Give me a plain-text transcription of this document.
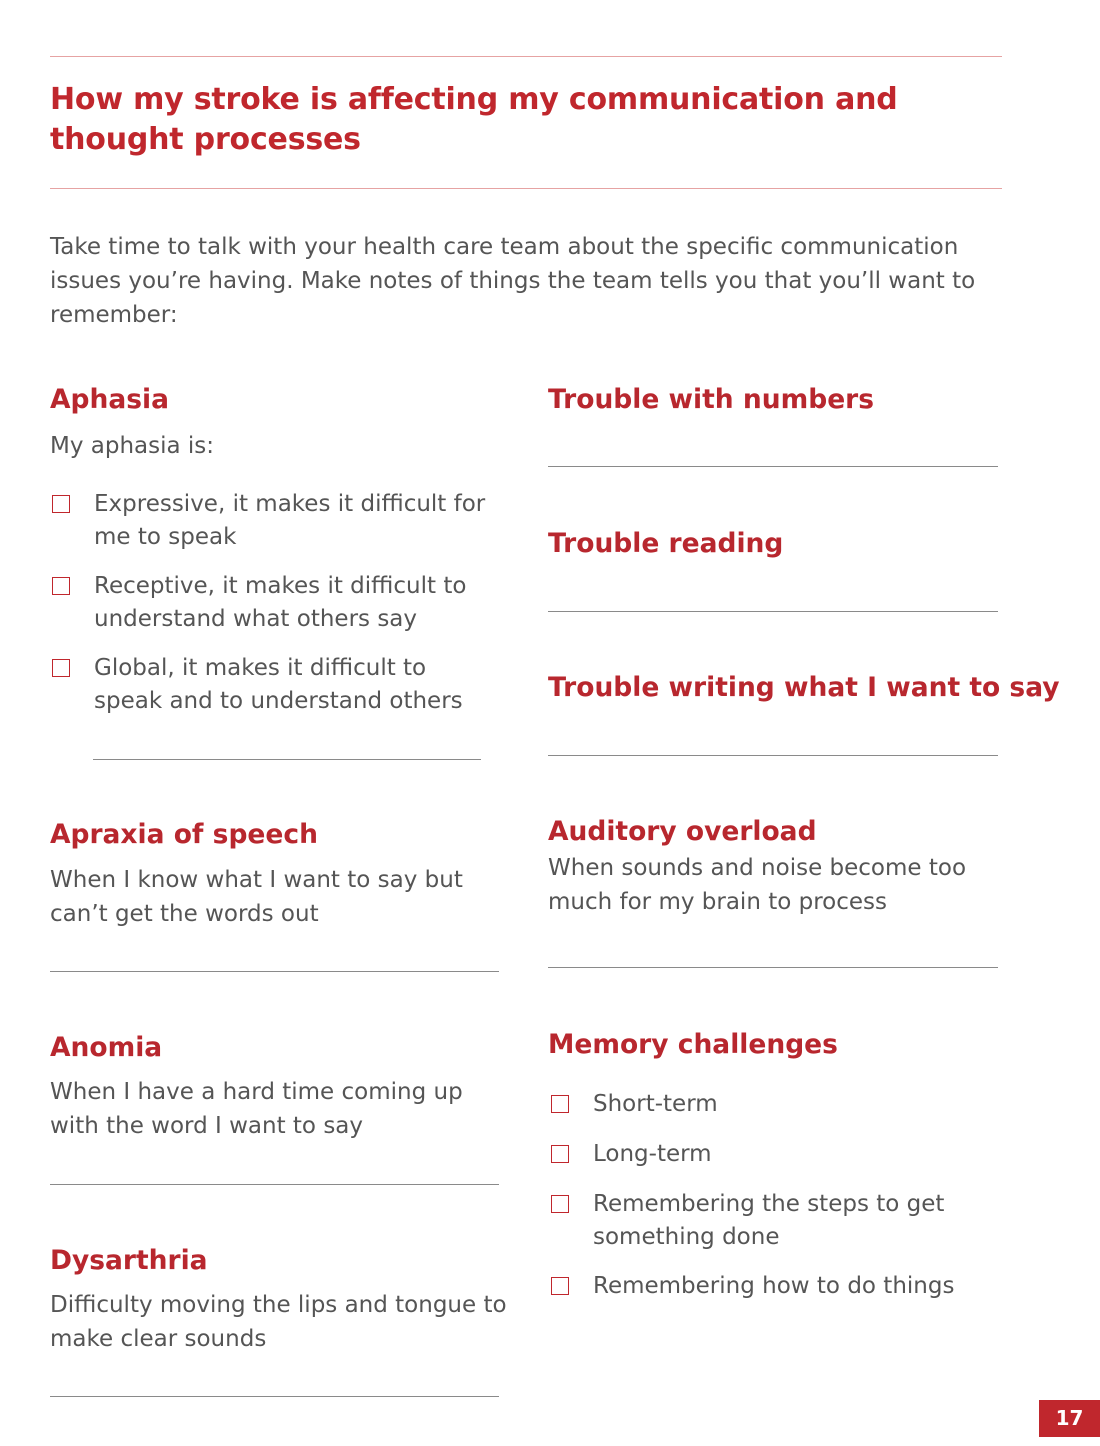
How my stroke is affecting my communication and thought processes

Take time to talk with your health care team about the specific communication issues you’re having. Make notes of things the team tells you that you’ll want to remember:

Aphasia

My aphasia is:

Expressive, it makes it difficult for me to speak
Receptive, it makes it difficult to understand what others say
Global, it makes it difficult to speak and to understand others
Apraxia of speech

When I know what I want to say but can’t get the words out

Anomia

When I have a hard time coming up with the word I want to say

Dysarthria

Difficulty moving the lips and tongue to make clear sounds

Trouble with numbers
Trouble reading
Trouble writing what I want to say
Auditory overload

When sounds and noise become too much for my brain to process

Memory challenges
Short-term
Long-term
Remembering the steps to get something done
Remembering how to do things
17
